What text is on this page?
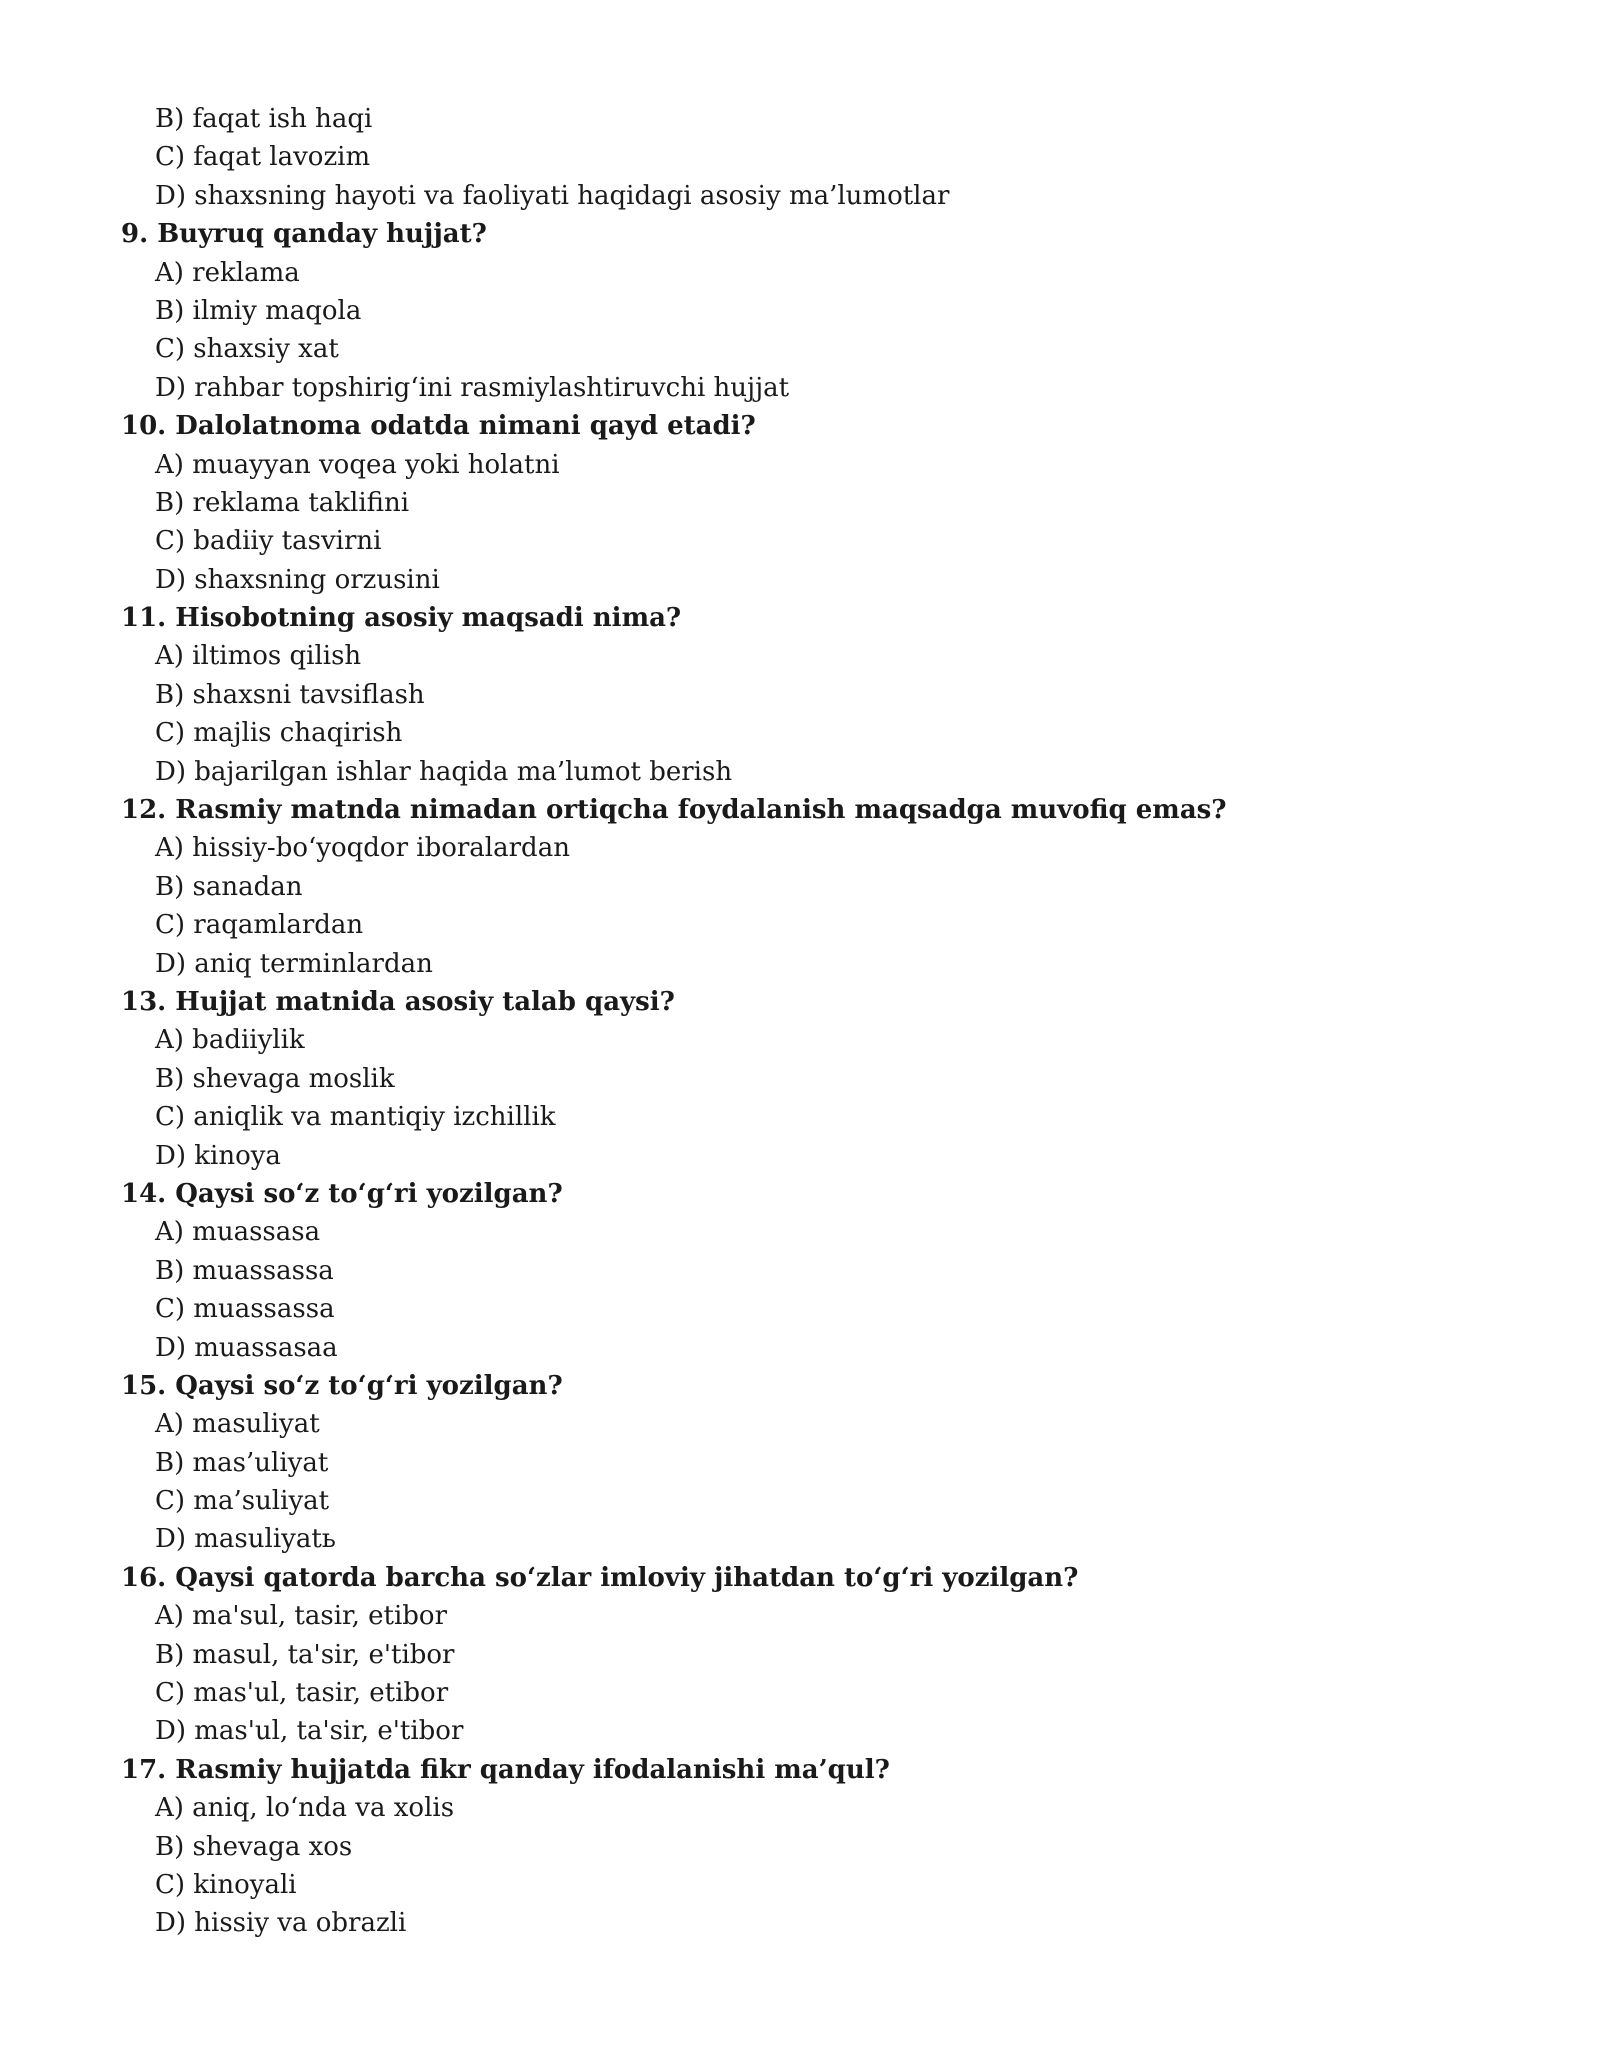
B) faqat ish haqi
C) faqat lavozim
D) shaxsning hayoti va faoliyati haqidagi asosiy ma’lumotlar
9. Buyruq qanday hujjat?
A) reklama
B) ilmiy maqola
C) shaxsiy xat
D) rahbar topshirig‘ini rasmiylashtiruvchi hujjat
10. Dalolatnoma odatda nimani qayd etadi?
A) muayyan voqea yoki holatni
B) reklama taklifini
C) badiiy tasvirni
D) shaxsning orzusini
11. Hisobotning asosiy maqsadi nima?
A) iltimos qilish
B) shaxsni tavsiflash
C) majlis chaqirish
D) bajarilgan ishlar haqida ma’lumot berish
12. Rasmiy matnda nimadan ortiqcha foydalanish maqsadga muvofiq emas?
A) hissiy-bo‘yoqdor iboralardan
B) sanadan
C) raqamlardan
D) aniq terminlardan
13. Hujjat matnida asosiy talab qaysi?
A) badiiylik
B) shevaga moslik
C) aniqlik va mantiqiy izchillik
D) kinoya
14. Qaysi so‘z to‘g‘ri yozilgan?
A) muassasa
B) muassassa
C) muassassa
D) muassasaа
15. Qaysi so‘z to‘g‘ri yozilgan?
A) masuliyat
B) mas’uliyat
C) ma’suliyat
D) masuliyatь
16. Qaysi qatorda barcha so‘zlar imloviy jihatdan to‘g‘ri yozilgan?
A) ma'sul, tasir, etibor
B) masul, ta'sir, e'tibor
C) mas'ul, tasir, etibor
D) mas'ul, ta'sir, e'tibor
17. Rasmiy hujjatda fikr qanday ifodalanishi ma’qul?
A) aniq, lo‘nda va xolis
B) shevaga xos
C) kinoyali
D) hissiy va obrazli
